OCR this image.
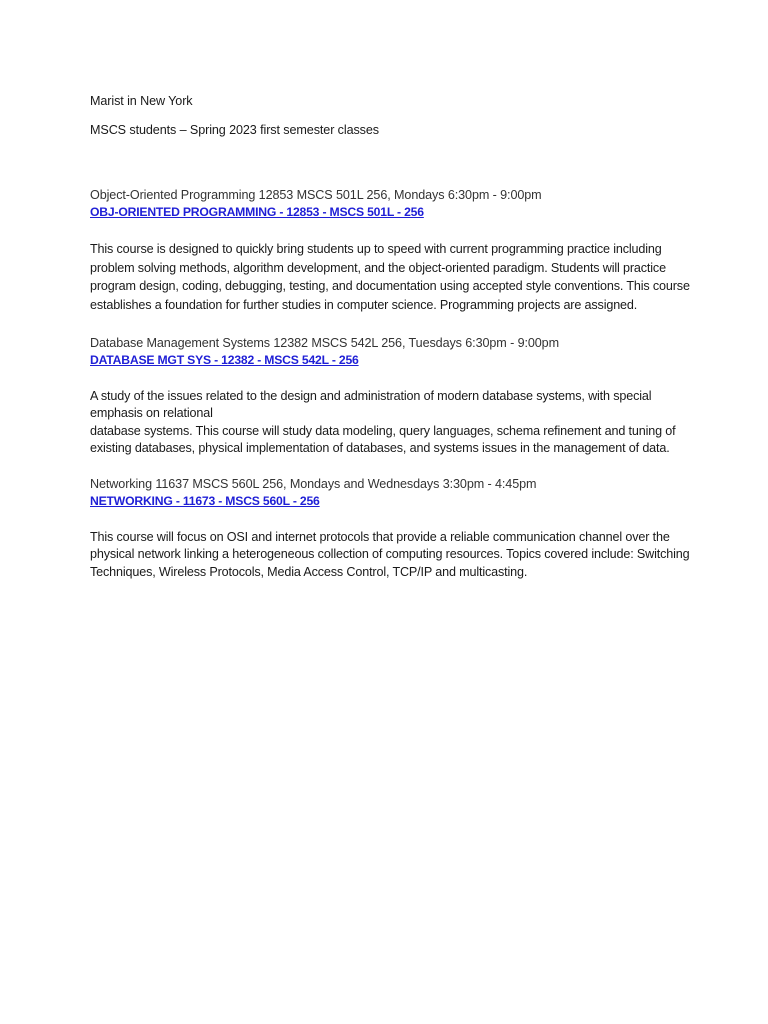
Marist in New York

MSCS students – Spring 2023 first semester classes

Object-Oriented Programming 12853 MSCS 501L 256, Mondays 6:30pm - 9:00pm

OBJ-ORIENTED PROGRAMMING - 12853 - MSCS 501L - 256

This course is designed to quickly bring students up to speed with current programming practice including problem solving methods, algorithm development, and the object-oriented paradigm. Students will practice program design, coding, debugging, testing, and documentation using accepted style conventions. This course establishes a foundation for further studies in computer science. Programming projects are assigned.

Database Management Systems 12382 MSCS 542L 256, Tuesdays 6:30pm - 9:00pm

DATABASE MGT SYS - 12382 - MSCS 542L - 256

A study of the issues related to the design and administration of modern database systems, with special emphasis on relational

database systems. This course will study data modeling, query languages, schema refinement and tuning of existing databases, physical implementation of databases, and systems issues in the management of data.

Networking 11637 MSCS 560L 256, Mondays and Wednesdays 3:30pm - 4:45pm

NETWORKING - 11673 - MSCS 560L - 256

This course will focus on OSI and internet protocols that provide a reliable communication channel over the physical network linking a heterogeneous collection of computing resources. Topics covered include: Switching Techniques, Wireless Protocols, Media Access Control, TCP/IP and multicasting.
